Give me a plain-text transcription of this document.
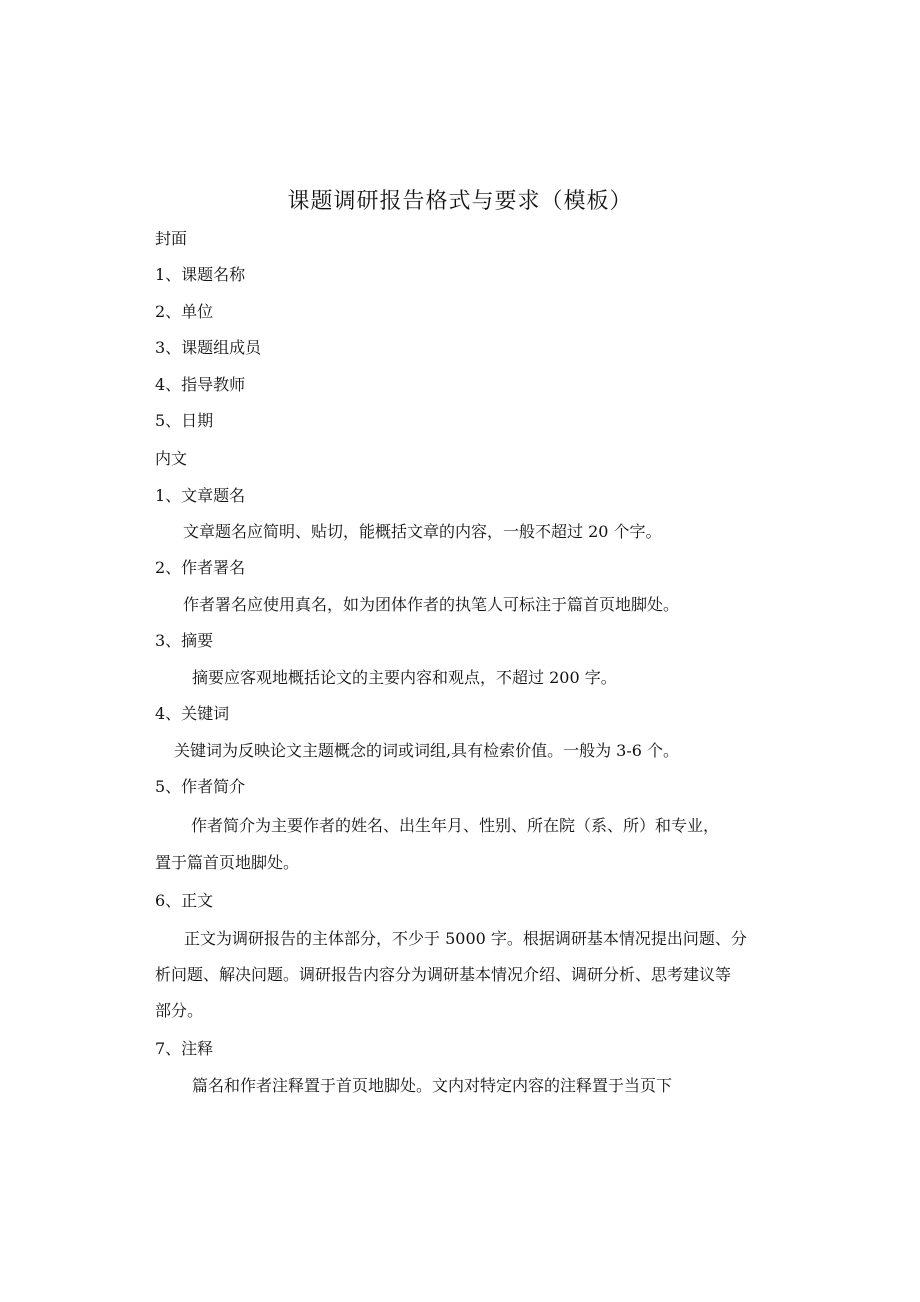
课题调研报告格式与要求（模板）
封面
1、课题名称
2、单位
3、课题组成员
4、指导教师
5、日期
内文
1、文章题名
文章题名应简明、贴切，能概括文章的内容，一般不超过 20 个字。
2、作者署名
作者署名应使用真名，如为团体作者的执笔人可标注于篇首页地脚处。
3、摘要
摘要应客观地概括论文的主要内容和观点，不超过 200 字。
4、关键词
关键词为反映论文主题概念的词或词组,具有检索价值。一般为 3-6 个。
5、作者简介
作者简介为主要作者的姓名、出生年月、性别、所在院（系、所）和专业，
置于篇首页地脚处。
6、正文
正文为调研报告的主体部分，不少于 5000 字。根据调研基本情况提出问题、分
析问题、解决问题。调研报告内容分为调研基本情况介绍、调研分析、思考建议等
部分。
7、注释
篇名和作者注释置于首页地脚处。文内对特定内容的注释置于当页下
